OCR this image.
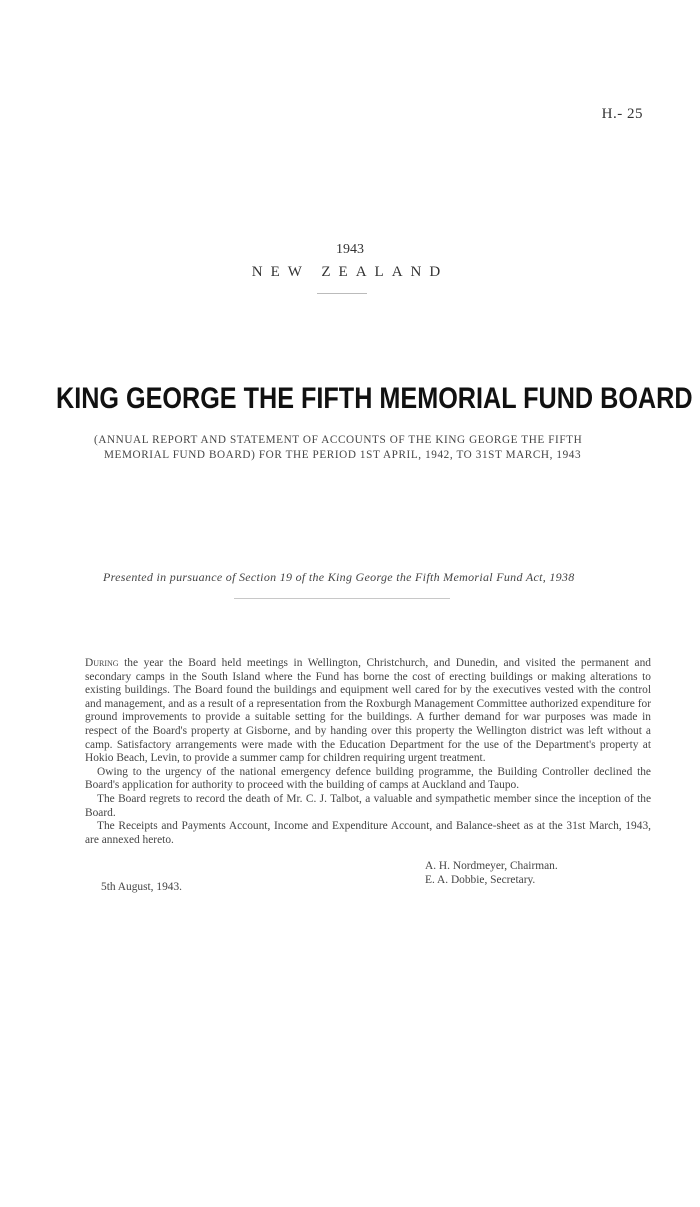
H.- 25
1943
NEW ZEALAND
KING GEORGE THE FIFTH MEMORIAL FUND BOARD
(ANNUAL REPORT AND STATEMENT OF ACCOUNTS OF THE KING GEORGE THE FIFTH
MEMORIAL FUND BOARD) FOR THE PERIOD 1ST APRIL, 1942, TO 31ST MARCH, 1943
Presented in pursuance of Section 19 of the King George the Fifth Memorial Fund Act, 1938

During the year the Board held meetings in Wellington, Christchurch, and Dunedin, and visited the permanent and secondary camps in the South Island where the Fund has borne the cost of erecting buildings or making alterations to existing buildings. The Board found the buildings and equipment well cared for by the executives vested with the control and management, and as a result of a representation from the Roxburgh Management Committee authorized expenditure for ground improvements to provide a suitable setting for the buildings. A further demand for war purposes was made in respect of the Board's property at Gisborne, and by handing over this property the Wellington district was left without a camp. Satisfactory arrangements were made with the Education Department for the use of the Department's property at Hokio Beach, Levin, to provide a summer camp for children requiring urgent treatment.

Owing to the urgency of the national emergency defence building programme, the Building Controller declined the Board's application for authority to proceed with the building of camps at Auckland and Taupo.

The Board regrets to record the death of Mr. C. J. Talbot, a valuable and sympathetic member since the inception of the Board.

The Receipts and Payments Account, Income and Expenditure Account, and Balance-sheet as at the 31st March, 1943, are annexed hereto.

A. H. Nordmeyer, Chairman.
E. A. Dobbie, Secretary.
5th August, 1943.
